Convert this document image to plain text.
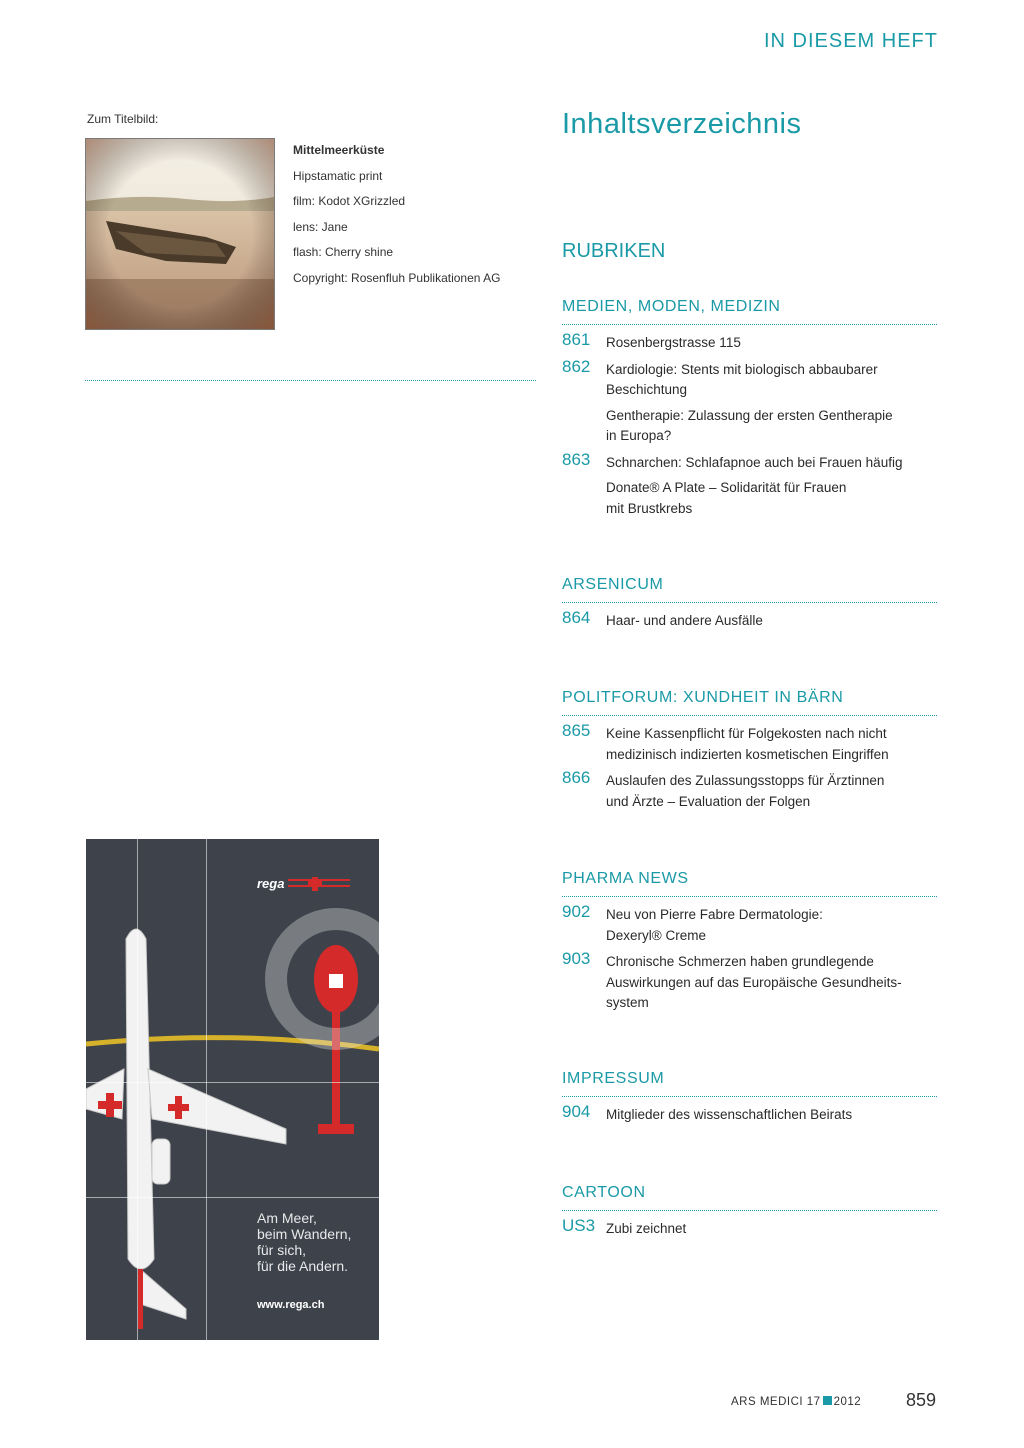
IN DIESEM HEFT
Zum Titelbild:
Mittelmeerküste
Hipstamatic print
film: Kodot XGrizzled
lens: Jane
flash: Cherry shine
Copyright: Rosenfluh Publikationen AG
rega
Am Meer,
beim Wandern,
für sich,
für die Andern.
www.rega.ch
Inhaltsverzeichnis
RUBRIKEN
MEDIEN, MODEN, MEDIZIN
861 Rosenbergstrasse 115
862 Kardiologie: Stents mit biologisch abbaubarer
Beschichtung
Gentherapie: Zulassung der ersten Gentherapie
in Europa?
863 Schnarchen: Schlafapnoe auch bei Frauen häufig
Donate® A Plate – Solidarität für Frauen
mit Brustkrebs
ARSENICUM
864 Haar- und andere Ausfälle
POLITFORUM: XUNDHEIT IN BÄRN
865 Keine Kassenpflicht für Folgekosten nach nicht
medizinisch indizierten kosmetischen Eingriffen
866 Auslaufen des Zulassungsstopps für Ärztinnen
und Ärzte – Evaluation der Folgen
PHARMA NEWS
902 Neu von Pierre Fabre Dermatologie:
Dexeryl® Creme
903 Chronische Schmerzen haben grundlegende
Auswirkungen auf das Europäische Gesundheits-
system
IMPRESSUM
904 Mitglieder des wissenschaftlichen Beirats
CARTOON
US3 Zubi zeichnet
ARS MEDICI 17 2012 859
